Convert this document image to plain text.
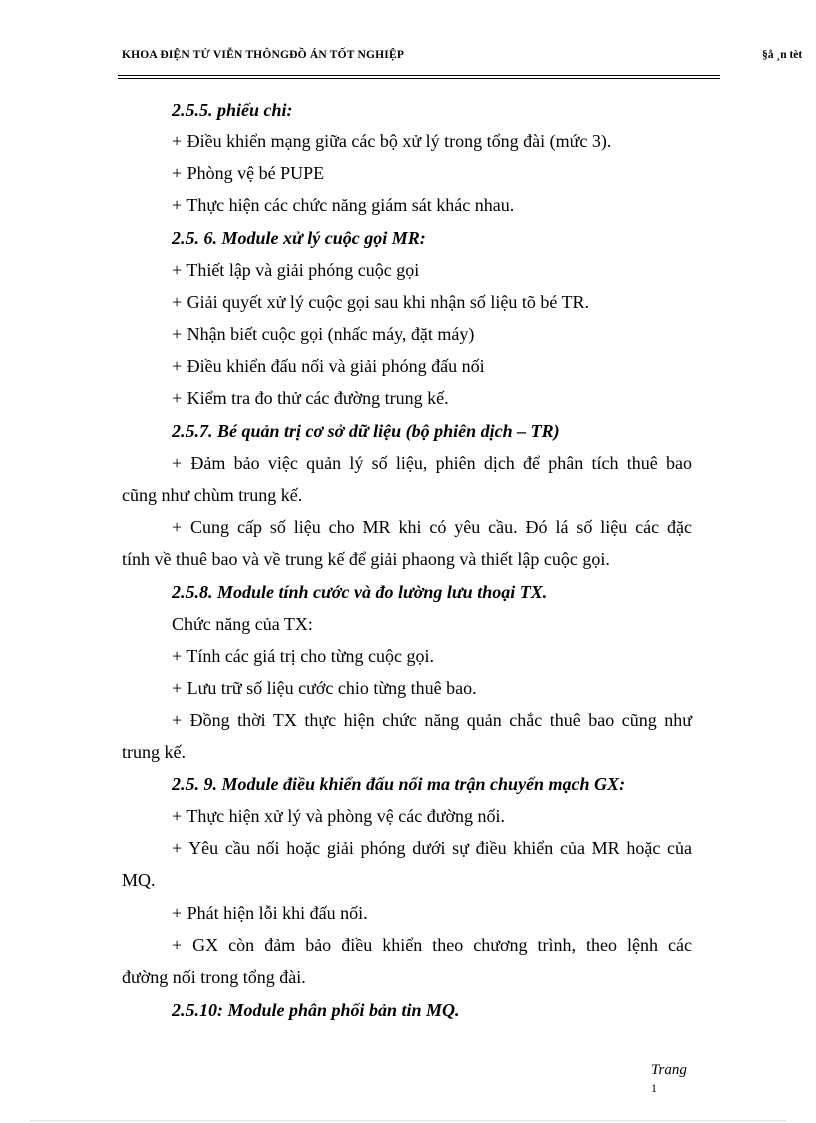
KHOA ĐIỆN TỬ VIỄN THÔNGĐỒ ÁN TỐT NGHIỆP	§å ¸n tèt
2.5.5. phiếu chi:
+ Điều khiển mạng giữa các bộ xử lý trong tổng đài (mức 3).
+ Phòng vệ bé PUPE
+ Thực hiện các chức năng giám sát khác nhau.
2.5. 6. Module xử lý cuộc gọi MR:
+ Thiết lập và giải phóng cuộc gọi
+ Giải quyết xử lý cuộc gọi sau khi nhận số liệu tõ bé TR.
+ Nhận biết cuộc gọi (nhấc máy, đặt máy)
+ Điều khiển đấu nối và giải phóng đấu nối
+ Kiểm tra đo thử các đường trung kế.
2.5.7. Bé quản trị cơ sở dữ liệu (bộ phiên dịch – TR)
+ Đảm bảo việc quản lý số liệu, phiên dịch để phân tích thuê bao
cũng như chùm trung kế.
+ Cung cấp số liệu cho MR khi có yêu cầu. Đó lá số liệu các đặc
tính về thuê bao và về trung kế để giải phaong và thiết lập cuộc gọi.
2.5.8. Module tính cước và đo lường lưu thoại TX.
Chức năng của TX:
+ Tính các giá trị cho từng cuộc gọi.
+ Lưu trữ số liệu cước chio từng thuê bao.
+ Đồng thời TX thực hiện chức năng quản chắc thuê bao cũng như
trung kế.
2.5. 9. Module điều khiển đấu nối ma trận chuyển mạch GX:
+ Thực hiện xử lý và phòng vệ các đường nối.
+ Yêu cầu nối hoặc giải phóng dưới sự điều khiển của MR hoặc của
MQ.
+ Phát hiện lỗi khi đấu nối.
+ GX còn đảm bảo điều khiển theo chương trình, theo lệnh các
đường nối trong tổng đài.
2.5.10: Module phân phối bản tin MQ.
Trang
1
